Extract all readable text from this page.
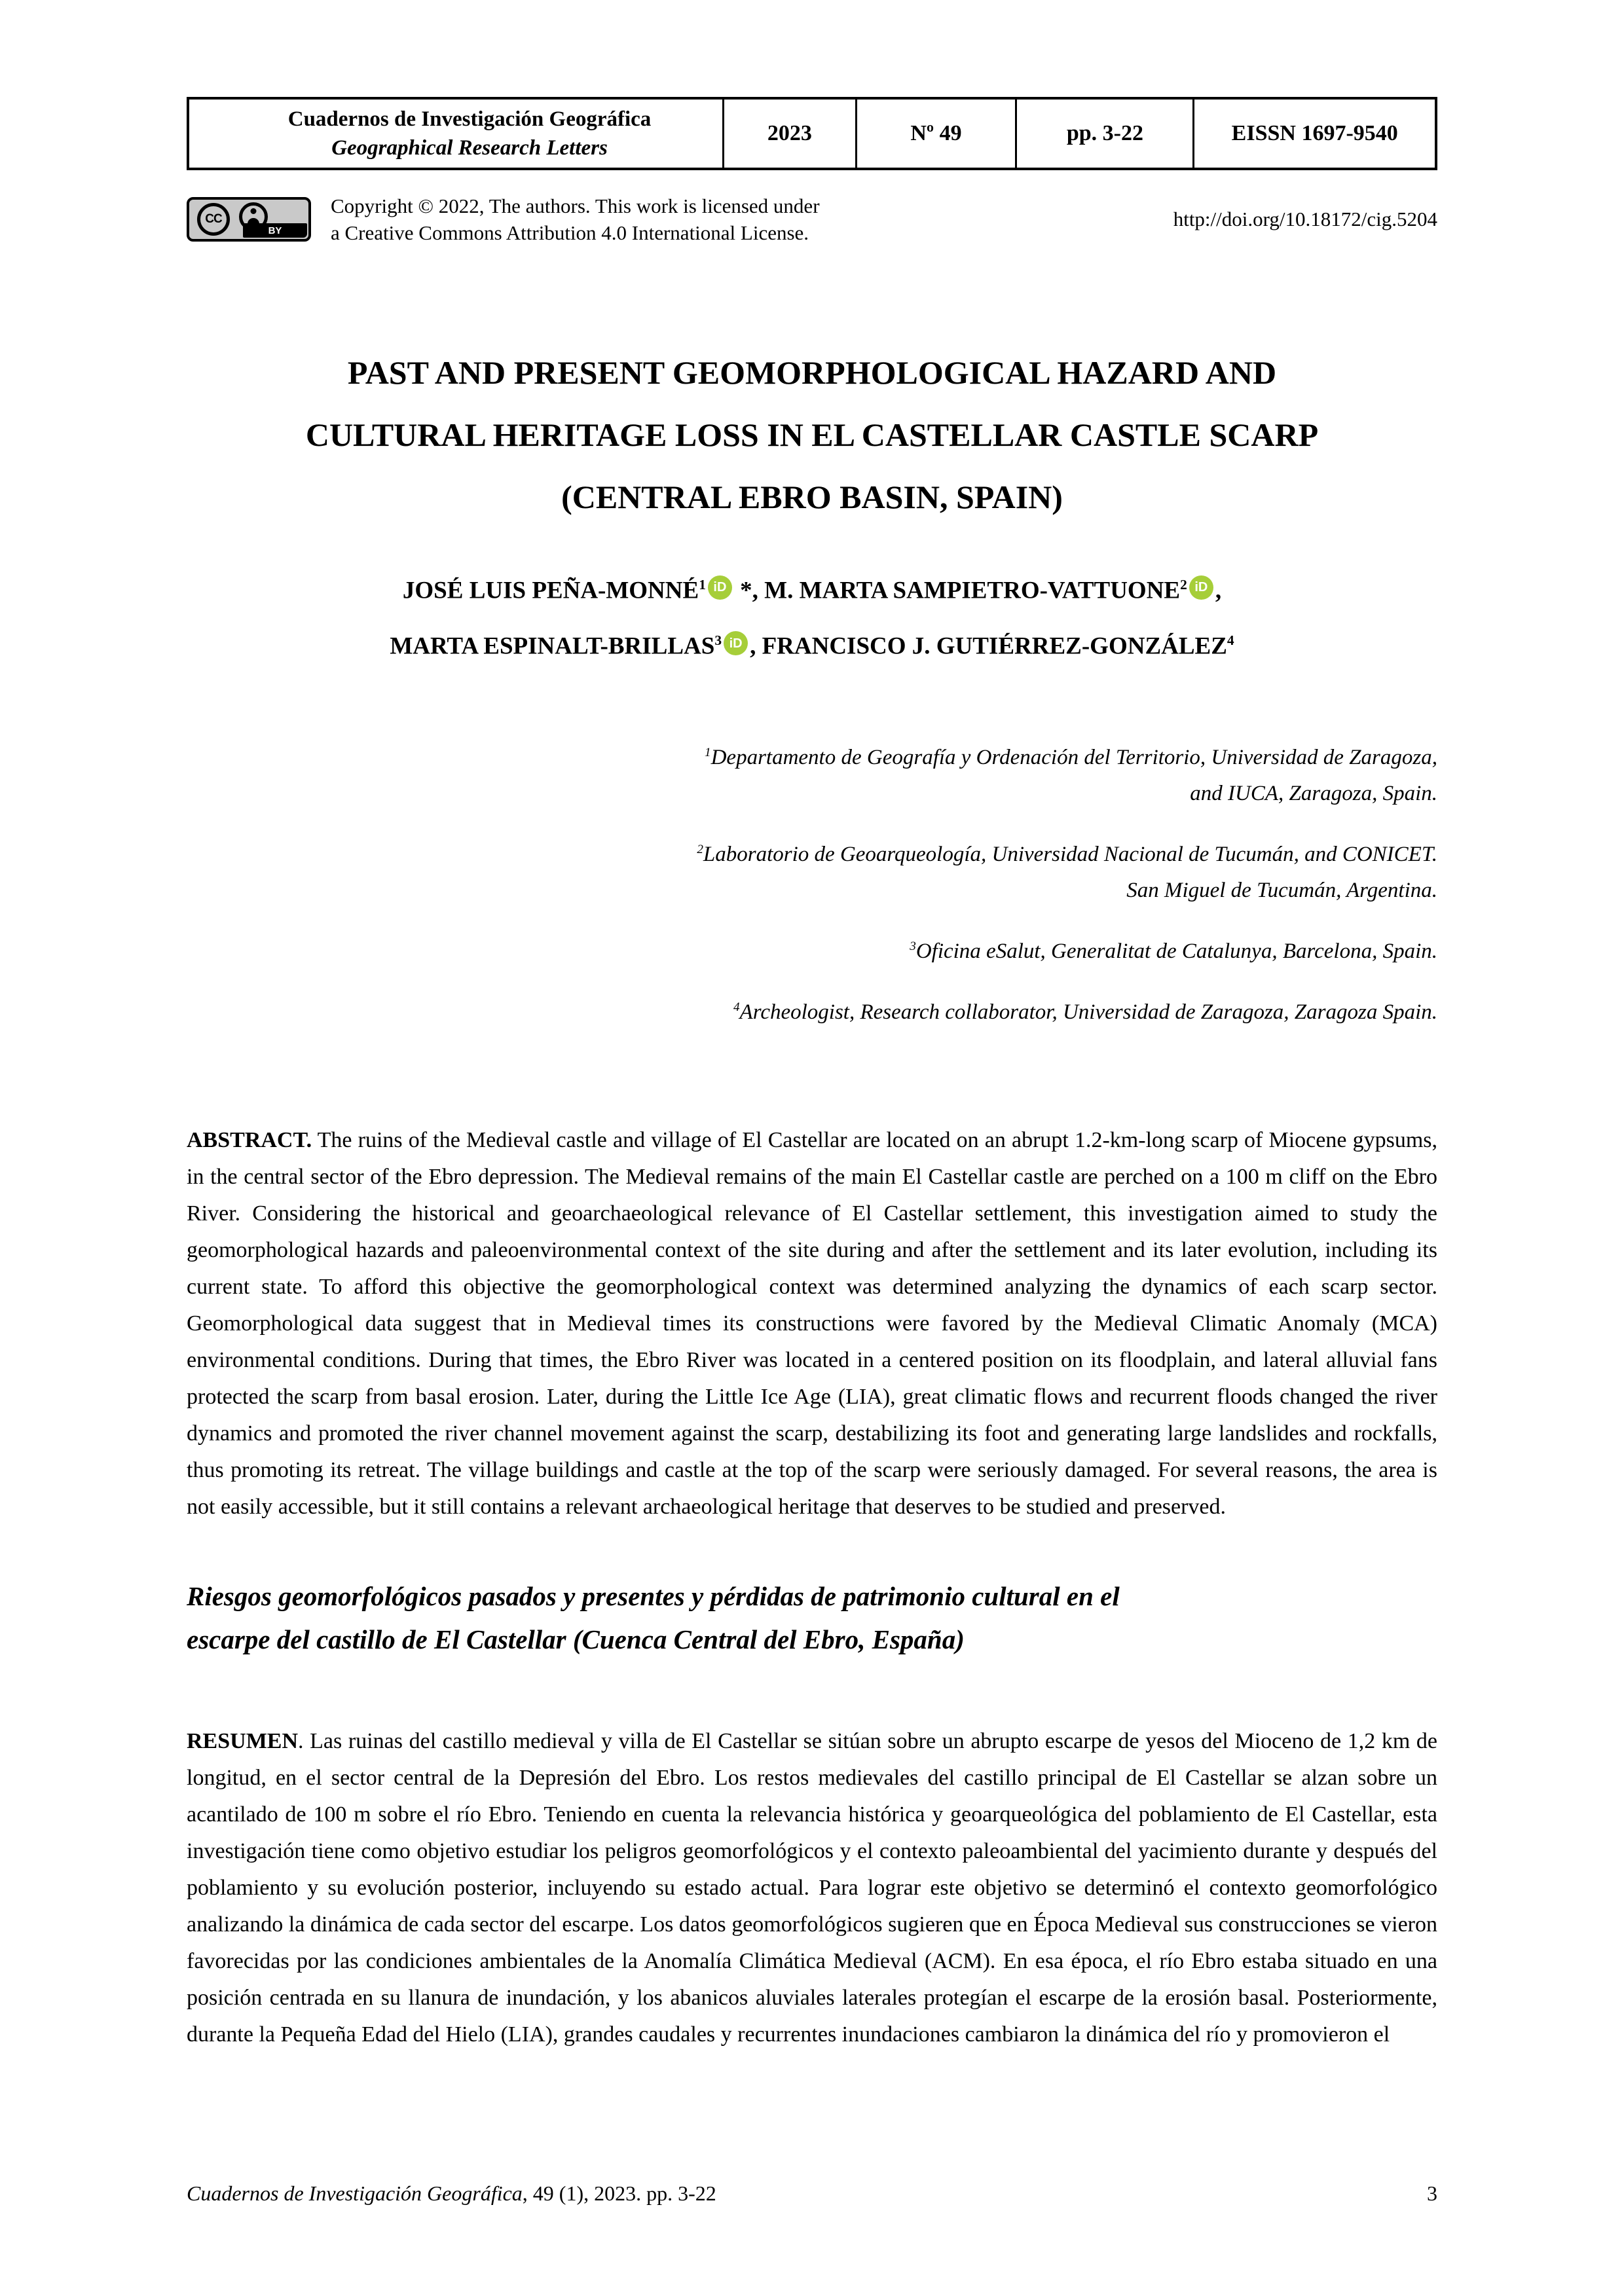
Cuadernos de Investigación Geográfica
Geographical Research Letters
2023	Nº 49	pp. 3-22	EISSN 1697-9540
CC
BY
Copyright © 2022, The authors. This work is licensed under
a Creative Commons Attribution 4.0 International License.
http://doi.org/10.18172/cig.5204
PAST AND PRESENT GEOMORPHOLOGICAL HAZARD AND
CULTURAL HERITAGE LOSS IN EL CASTELLAR CASTLE SCARP
(CENTRAL EBRO BASIN, SPAIN)
JOSÉ LUIS PEÑA-MONNÉ$^1$ iD *, M. MARTA SAMPIETRO-VATTUONE$^2$ iD ,
MARTA ESPINALT-BRILLAS$^3$ iD , FRANCISCO J. GUTIÉRREZ-GONZÁLEZ$^4$
$^1$Departamento de Geografía y Ordenación del Territorio, Universidad de Zaragoza,
and IUCA, Zaragoza, Spain.
$^2$Laboratorio de Geoarqueología, Universidad Nacional de Tucumán, and CONICET.
San Miguel de Tucumán, Argentina.
$^3$Oficina eSalut, Generalitat de Catalunya, Barcelona, Spain.
$^4$Archeologist, Research collaborator, Universidad de Zaragoza, Zaragoza Spain.

ABSTRACT. The ruins of the Medieval castle and village of El Castellar are located on an abrupt 1.2-km-long scarp of Miocene gypsums, in the central sector of the Ebro depression. The Medieval remains of the main El Castellar castle are perched on a 100 m cliff on the Ebro River. Considering the historical and geoarchaeological relevance of El Castellar settlement, this investigation aimed to study the geomorphological hazards and paleoenvironmental context of the site during and after the settlement and its later evolution, including its current state. To afford this objective the geomorphological context was determined analyzing the dynamics of each scarp sector. Geomorphological data suggest that in Medieval times its constructions were favored by the Medieval Climatic Anomaly (MCA) environmental conditions. During that times, the Ebro River was located in a centered position on its floodplain, and lateral alluvial fans protected the scarp from basal erosion. Later, during the Little Ice Age (LIA), great climatic flows and recurrent floods changed the river dynamics and promoted the river channel movement against the scarp, destabilizing its foot and generating large landslides and rockfalls, thus promoting its retreat. The village buildings and castle at the top of the scarp were seriously damaged. For several reasons, the area is not easily accessible, but it still contains a relevant archaeological heritage that deserves to be studied and preserved.

Riesgos geomorfológicos pasados y presentes y pérdidas de patrimonio cultural en el
escarpe del castillo de El Castellar (Cuenca Central del Ebro, España)

RESUMEN. Las ruinas del castillo medieval y villa de El Castellar se sitúan sobre un abrupto escarpe de yesos del Mioceno de 1,2 km de longitud, en el sector central de la Depresión del Ebro. Los restos medievales del castillo principal de El Castellar se alzan sobre un acantilado de 100 m sobre el río Ebro. Teniendo en cuenta la relevancia histórica y geoarqueológica del poblamiento de El Castellar, esta investigación tiene como objetivo estudiar los peligros geomorfológicos y el contexto paleoambiental del yacimiento durante y después del poblamiento y su evolución posterior, incluyendo su estado actual. Para lograr este objetivo se determinó el contexto geomorfológico analizando la dinámica de cada sector del escarpe. Los datos geomorfológicos sugieren que en Época Medieval sus construcciones se vieron favorecidas por las condiciones ambientales de la Anomalía Climática Medieval (ACM). En esa época, el río Ebro estaba situado en una posición centrada en su llanura de inundación, y los abanicos aluviales laterales protegían el escarpe de la erosión basal. Posteriormente, durante la Pequeña Edad del Hielo (LIA), grandes caudales y recurrentes inundaciones cambiaron la dinámica del río y promovieron el

Cuadernos de Investigación Geográfica, 49 (1), 2023. pp. 3-22	3
